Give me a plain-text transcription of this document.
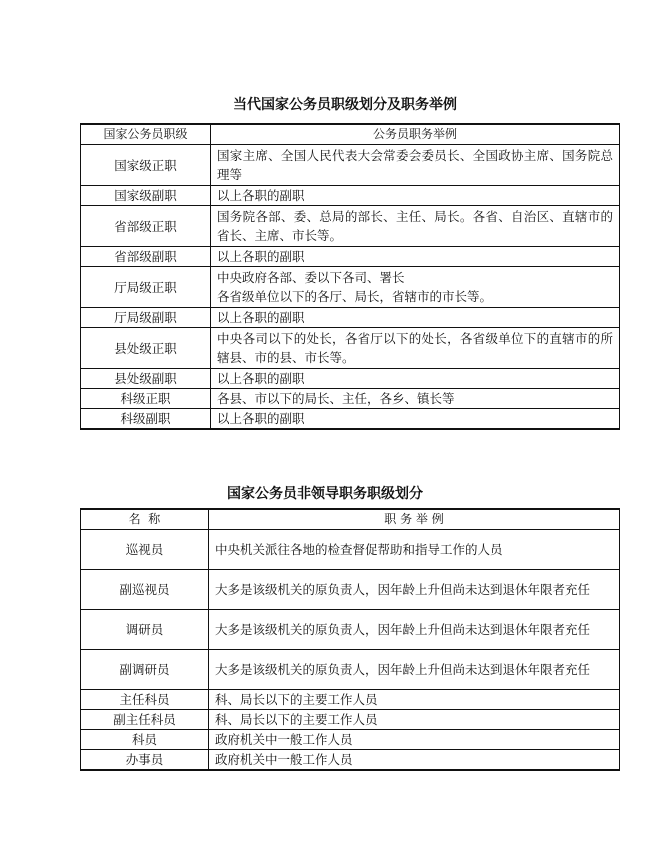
当代国家公务员职级划分及职务举例
国家公务员职级	公务员职务举例
国家级正职	国家主席、全国人民代表大会常委会委员长、全国政协主席、国务院总理等
国家级副职	以上各职的副职
省部级正职	国务院各部、委、总局的部长、主任、局长。各省、自治区、直辖市的省长、主席、市长等。
省部级副职	以上各职的副职
厅局级正职	中央政府各部、委以下各司、署长
各省级单位以下的各厅、局长，省辖市的市长等。

厅局级副职	以上各职的副职
县处级正职	中央各司以下的处长，各省厅以下的处长，各省级单位下的直辖市的所辖县、市的县、市长等。
县处级副职	以上各职的副职
科级正职	各县、市以下的局长、主任，各乡、镇长等
科级副职	以上各职的副职
国家公务员非领导职务职级划分
名  称	职 务 举 例
巡视员	中央机关派往各地的检查督促帮助和指导工作的人员
副巡视员	大多是该级机关的原负责人，因年龄上升但尚未达到退休年限者充任
调研员	大多是该级机关的原负责人，因年龄上升但尚未达到退休年限者充任
副调研员	大多是该级机关的原负责人，因年龄上升但尚未达到退休年限者充任
主任科员	科、局长以下的主要工作人员
副主任科员	科、局长以下的主要工作人员
科员	政府机关中一般工作人员
办事员	政府机关中一般工作人员
